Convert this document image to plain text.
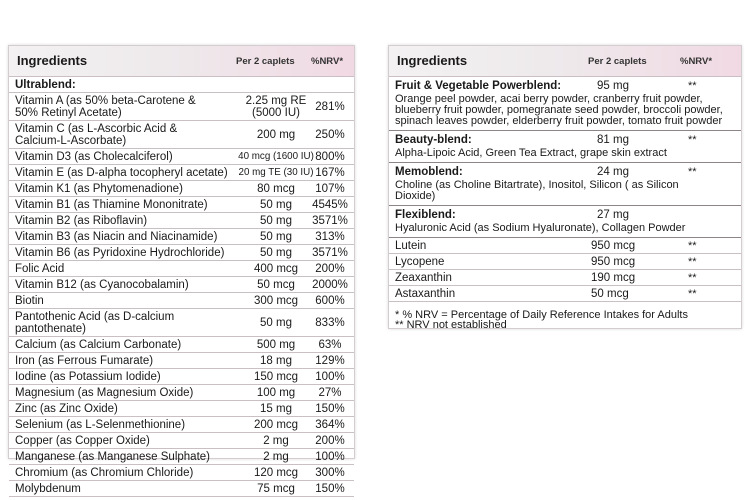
Ingredients	Per 2 caplets %NRV*
Ultrablend:
Vitamin A (as 50% beta-Carotene &
50% Retinyl Acetate)
2.25 mg RE
(5000 IU)	281%
Vitamin C (as L-Ascorbic Acid &
Calcium-L-Ascorbate)	200 mg	250%
Vitamin D3 (as Cholecalciferol)	40 mcg (1600 IU) 800%
Vitamin E (as D-alpha tocopheryl acetate)	20 mg TE (30 IU) 167%
Vitamin K1 (as Phytomenadione)	80 mcg	107%
Vitamin B1 (as Thiamine Mononitrate)	50 mg	4545%
Vitamin B2 (as Riboflavin)	50 mg	3571%
Vitamin B3 (as Niacin and Niacinamide)	50 mg	313%
Vitamin B6 (as Pyridoxine Hydrochloride)	50 mg	3571%
Folic Acid	400 mcg	200%
Vitamin B12 (as Cyanocobalamin)	50 mcg	2000%
Biotin	300 mcg	600%
Pantothenic Acid (as D-calcium
pantothenate)	50 mg	833%
Calcium (as Calcium Carbonate)	500 mg	63%
Iron (as Ferrous Fumarate)	18 mg	129%
Iodine (as Potassium Iodide)	150 mcg	100%
Magnesium (as Magnesium Oxide)	100 mg	27%
Zinc (as Zinc Oxide)	15 mg	150%
Selenium (as L-Selenmethionine)	200 mcg	364%
Copper (as Copper Oxide)	2 mg	200%
Manganese (as Manganese Sulphate)	2 mg	100%
Chromium (as Chromium Chloride)	120 mcg	300%
Molybdenum	75 mcg	150%
Ingredients	Per 2 caplets	%NRV*
Fruit & Vegetable Powerblend:	95 mg	**
Orange peel powder, acai berry powder, cranberry fruit powder,
blueberry fruit powder, pomegranate seed powder, broccoli powder,
spinach leaves powder, elderberry fruit powder, tomato fruit powder
Beauty-blend:	81 mg	**
Alpha-Lipoic Acid, Green Tea Extract, grape skin extract
Memoblend:	24 mg	**
Choline (as Choline Bitartrate), Inositol, Silicon ( as Silicon
Dioxide)
Flexiblend:	27 mg
Hyaluronic Acid (as Sodium Hyaluronate), Collagen Powder
Lutein	950 mcg	**
Lycopene	950 mcg	**
Zeaxanthin	190 mcg	**
Astaxanthin	50 mcg	**
* % NRV = Percentage of Daily Reference Intakes for Adults
** NRV not established
